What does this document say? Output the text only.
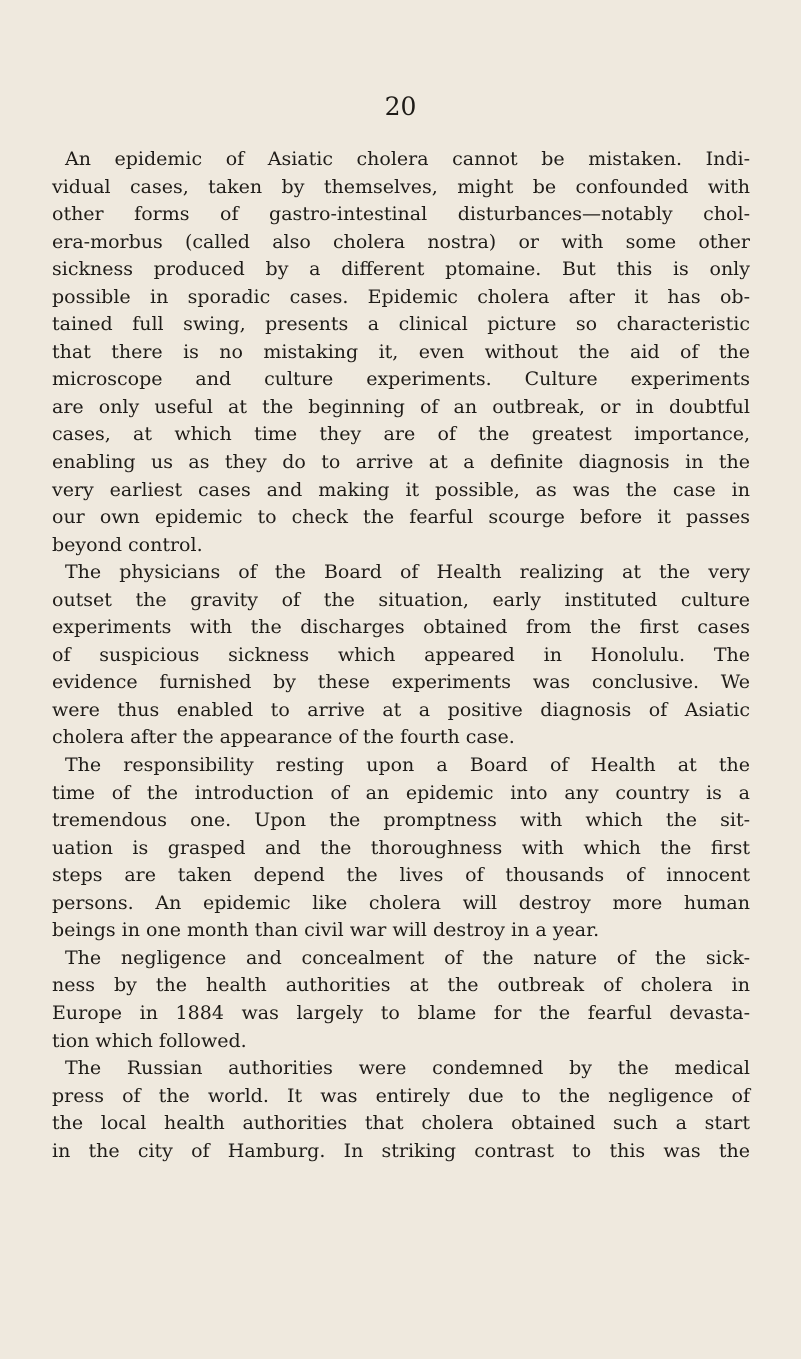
20
An epidemic of Asiatic cholera cannot be mistaken. Indi-
vidual cases, taken by themselves, might be confounded with
other forms of gastro-intestinal disturbances—notably chol-
era-morbus (called also cholera nostra) or with some other
sickness produced by a different ptomaine. But this is only
possible in sporadic cases. Epidemic cholera after it has ob-
tained full swing, presents a clinical picture so characteristic
that there is no mistaking it, even without the aid of the
microscope and culture experiments. Culture experiments
are only useful at the beginning of an outbreak, or in doubtful
cases, at which time they are of the greatest importance,
enabling us as they do to arrive at a definite diagnosis in the
very earliest cases and making it possible, as was the case in
our own epidemic to check the fearful scourge before it passes
beyond control.
The physicians of the Board of Health realizing at the very
outset the gravity of the situation, early instituted culture
experiments with the discharges obtained from the first cases
of suspicious sickness which appeared in Honolulu. The
evidence furnished by these experiments was conclusive. We
were thus enabled to arrive at a positive diagnosis of Asiatic
cholera after the appearance of the fourth case.
The responsibility resting upon a Board of Health at the
time of the introduction of an epidemic into any country is a
tremendous one. Upon the promptness with which the sit-
uation is grasped and the thoroughness with which the first
steps are taken depend the lives of thousands of innocent
persons. An epidemic like cholera will destroy more human
beings in one month than civil war will destroy in a year.
The negligence and concealment of the nature of the sick-
ness by the health authorities at the outbreak of cholera in
Europe in 1884 was largely to blame for the fearful devasta-
tion which followed.
The Russian authorities were condemned by the medical
press of the world. It was entirely due to the negligence of
the local health authorities that cholera obtained such a start
in the city of Hamburg. In striking contrast to this was the
